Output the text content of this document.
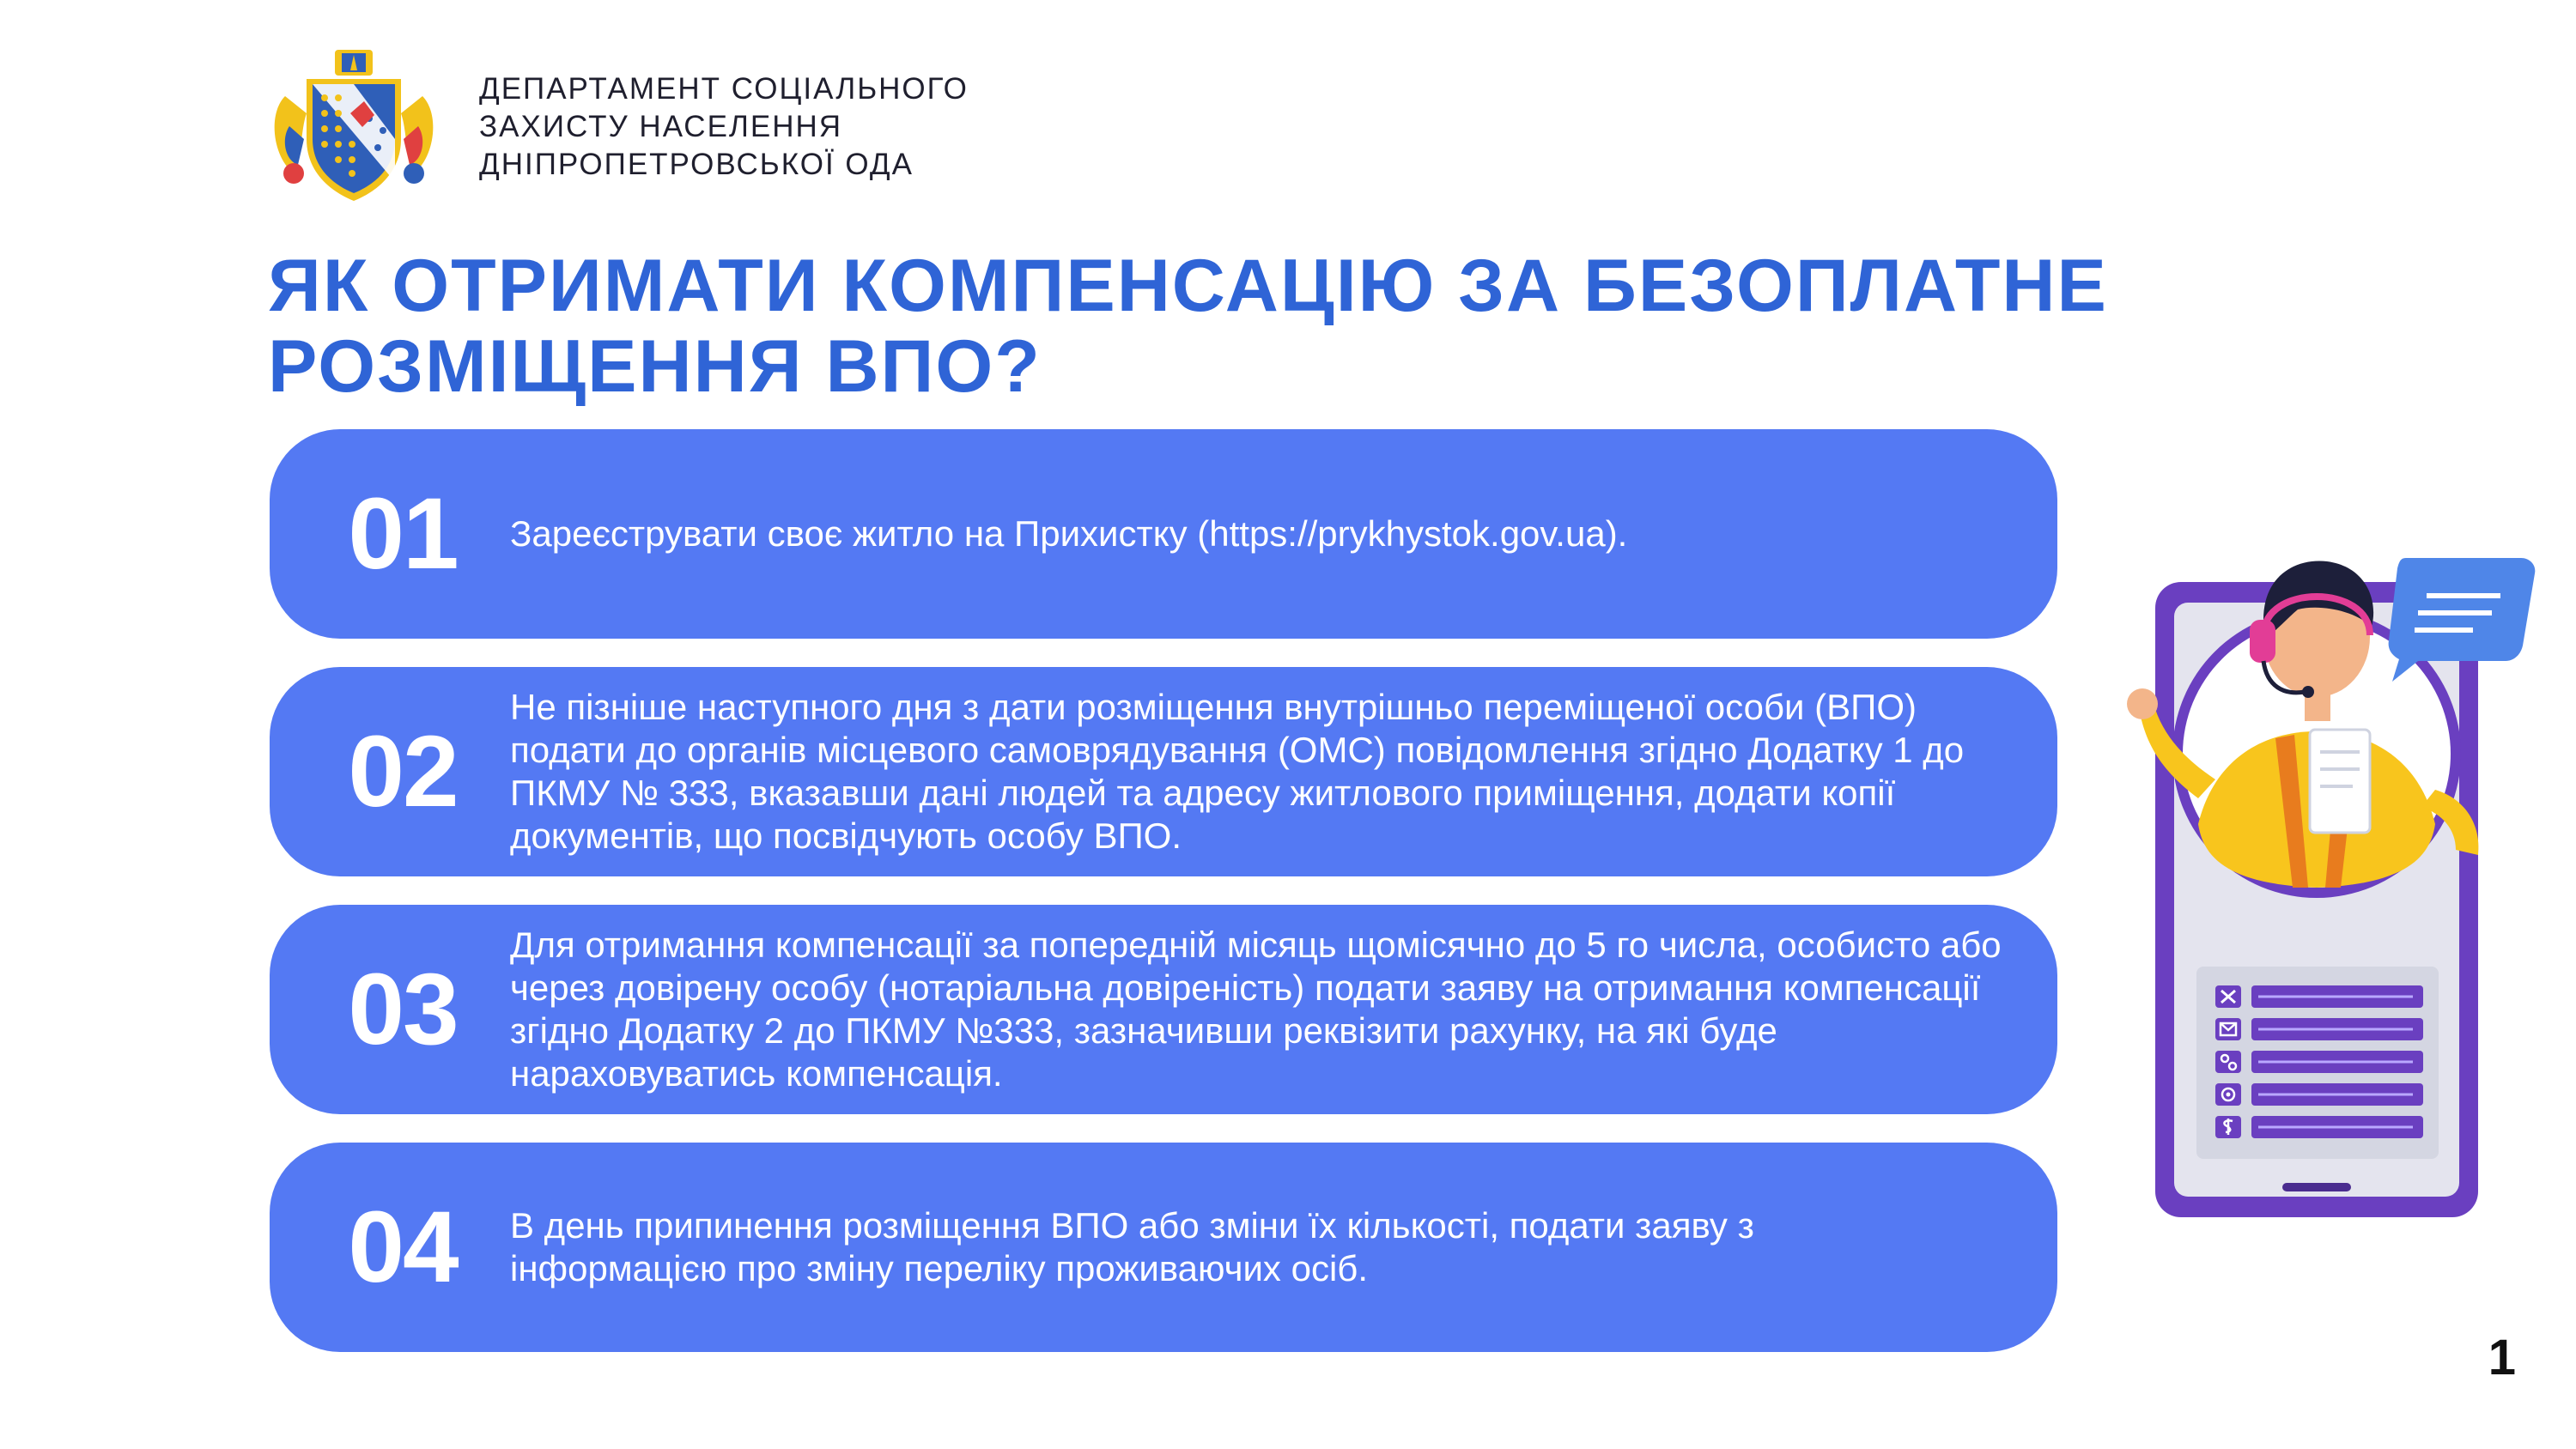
ДЕПАРТАМЕНТ СОЦІАЛЬНОГО
ЗАХИСТУ НАСЕЛЕННЯ
ДНІПРОПЕТРОВСЬКОЇ ОДА
ЯК ОТРИМАТИ КОМПЕНСАЦІЮ ЗА БЕЗОПЛАТНЕ
РОЗМІЩЕННЯ ВПО?
01	Зареєструвати своє житло на Прихистку (https://prykhystok.gov.ua).
02
Не пізніше наступного дня з дати розміщення внутрішньо переміщеної особи (ВПО) подати до органів місцевого самоврядування (ОМС) повідомлення згідно Додатку 1 до ПКМУ № 333, вказавши дані людей та адресу житлового приміщення, додати копії документів, що посвідчують особу ВПО.
03
Для отримання компенсації за попередній місяць щомісячно до 5 го числа, особисто або через довірену особу (нотаріальна довіреність) подати заяву на отримання компенсації згідно Додатку 2 до ПКМУ №333, зазначивши реквізити рахунку, на які буде нараховуватись компенсація.
04	В день припинення розміщення ВПО або зміни їх кількості, подати заяву з інформацією про зміну переліку проживаючих осіб.
1
